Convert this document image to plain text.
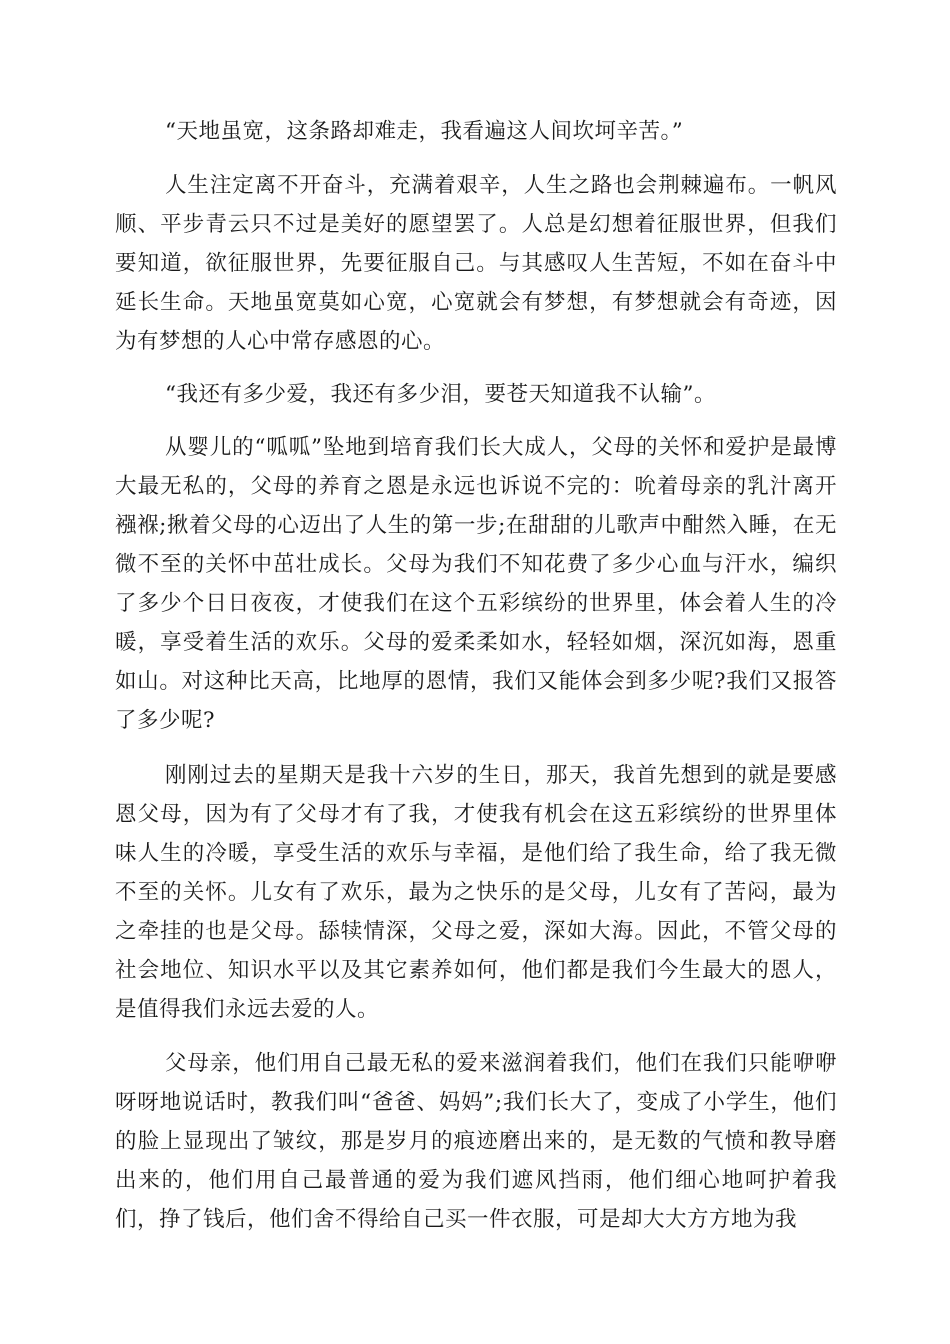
“天地虽宽，这条路却难走，我看遍这人间坎坷辛苦。”

人生注定离不开奋斗，充满着艰辛，人生之路也会荆棘遍布。一帆风顺、平步青云只不过是美好的愿望罢了。人总是幻想着征服世界，但我们要知道，欲征服世界，先要征服自己。与其感叹人生苦短，不如在奋斗中延长生命。天地虽宽莫如心宽，心宽就会有梦想，有梦想就会有奇迹，因为有梦想的人心中常存感恩的心。

“我还有多少爱，我还有多少泪，要苍天知道我不认输”。

从婴儿的“呱呱”坠地到培育我们长大成人，父母的关怀和爱护是最博大最无私的，父母的养育之恩是永远也诉说不完的：吮着母亲的乳汁离开襁褓;揪着父母的心迈出了人生的第一步;在甜甜的儿歌声中酣然入睡，在无微不至的关怀中茁壮成长。父母为我们不知花费了多少心血与汗水，编织了多少个日日夜夜，才使我们在这个五彩缤纷的世界里，体会着人生的冷暖，享受着生活的欢乐。父母的爱柔柔如水，轻轻如烟，深沉如海，恩重如山。对这种比天高，比地厚的恩情，我们又能体会到多少呢?我们又报答了多少呢?

刚刚过去的星期天是我十六岁的生日，那天，我首先想到的就是要感恩父母，因为有了父母才有了我，才使我有机会在这五彩缤纷的世界里体味人生的冷暖，享受生活的欢乐与幸福，是他们给了我生命，给了我无微不至的关怀。儿女有了欢乐，最为之快乐的是父母，儿女有了苦闷，最为之牵挂的也是父母。舔犊情深，父母之爱，深如大海。因此，不管父母的社会地位、知识水平以及其它素养如何，他们都是我们今生最大的恩人，是值得我们永远去爱的人。

父母亲，他们用自己最无私的爱来滋润着我们，他们在我们只能咿咿呀呀地说话时，教我们叫“爸爸、妈妈”;我们长大了，变成了小学生，他们的脸上显现出了皱纹，那是岁月的痕迹磨出来的，是无数的气愤和教导磨出来的，他们用自己最普通的爱为我们遮风挡雨，他们细心地呵护着我们，挣了钱后，他们舍不得给自己买一件衣服，可是却大大方方地为我
